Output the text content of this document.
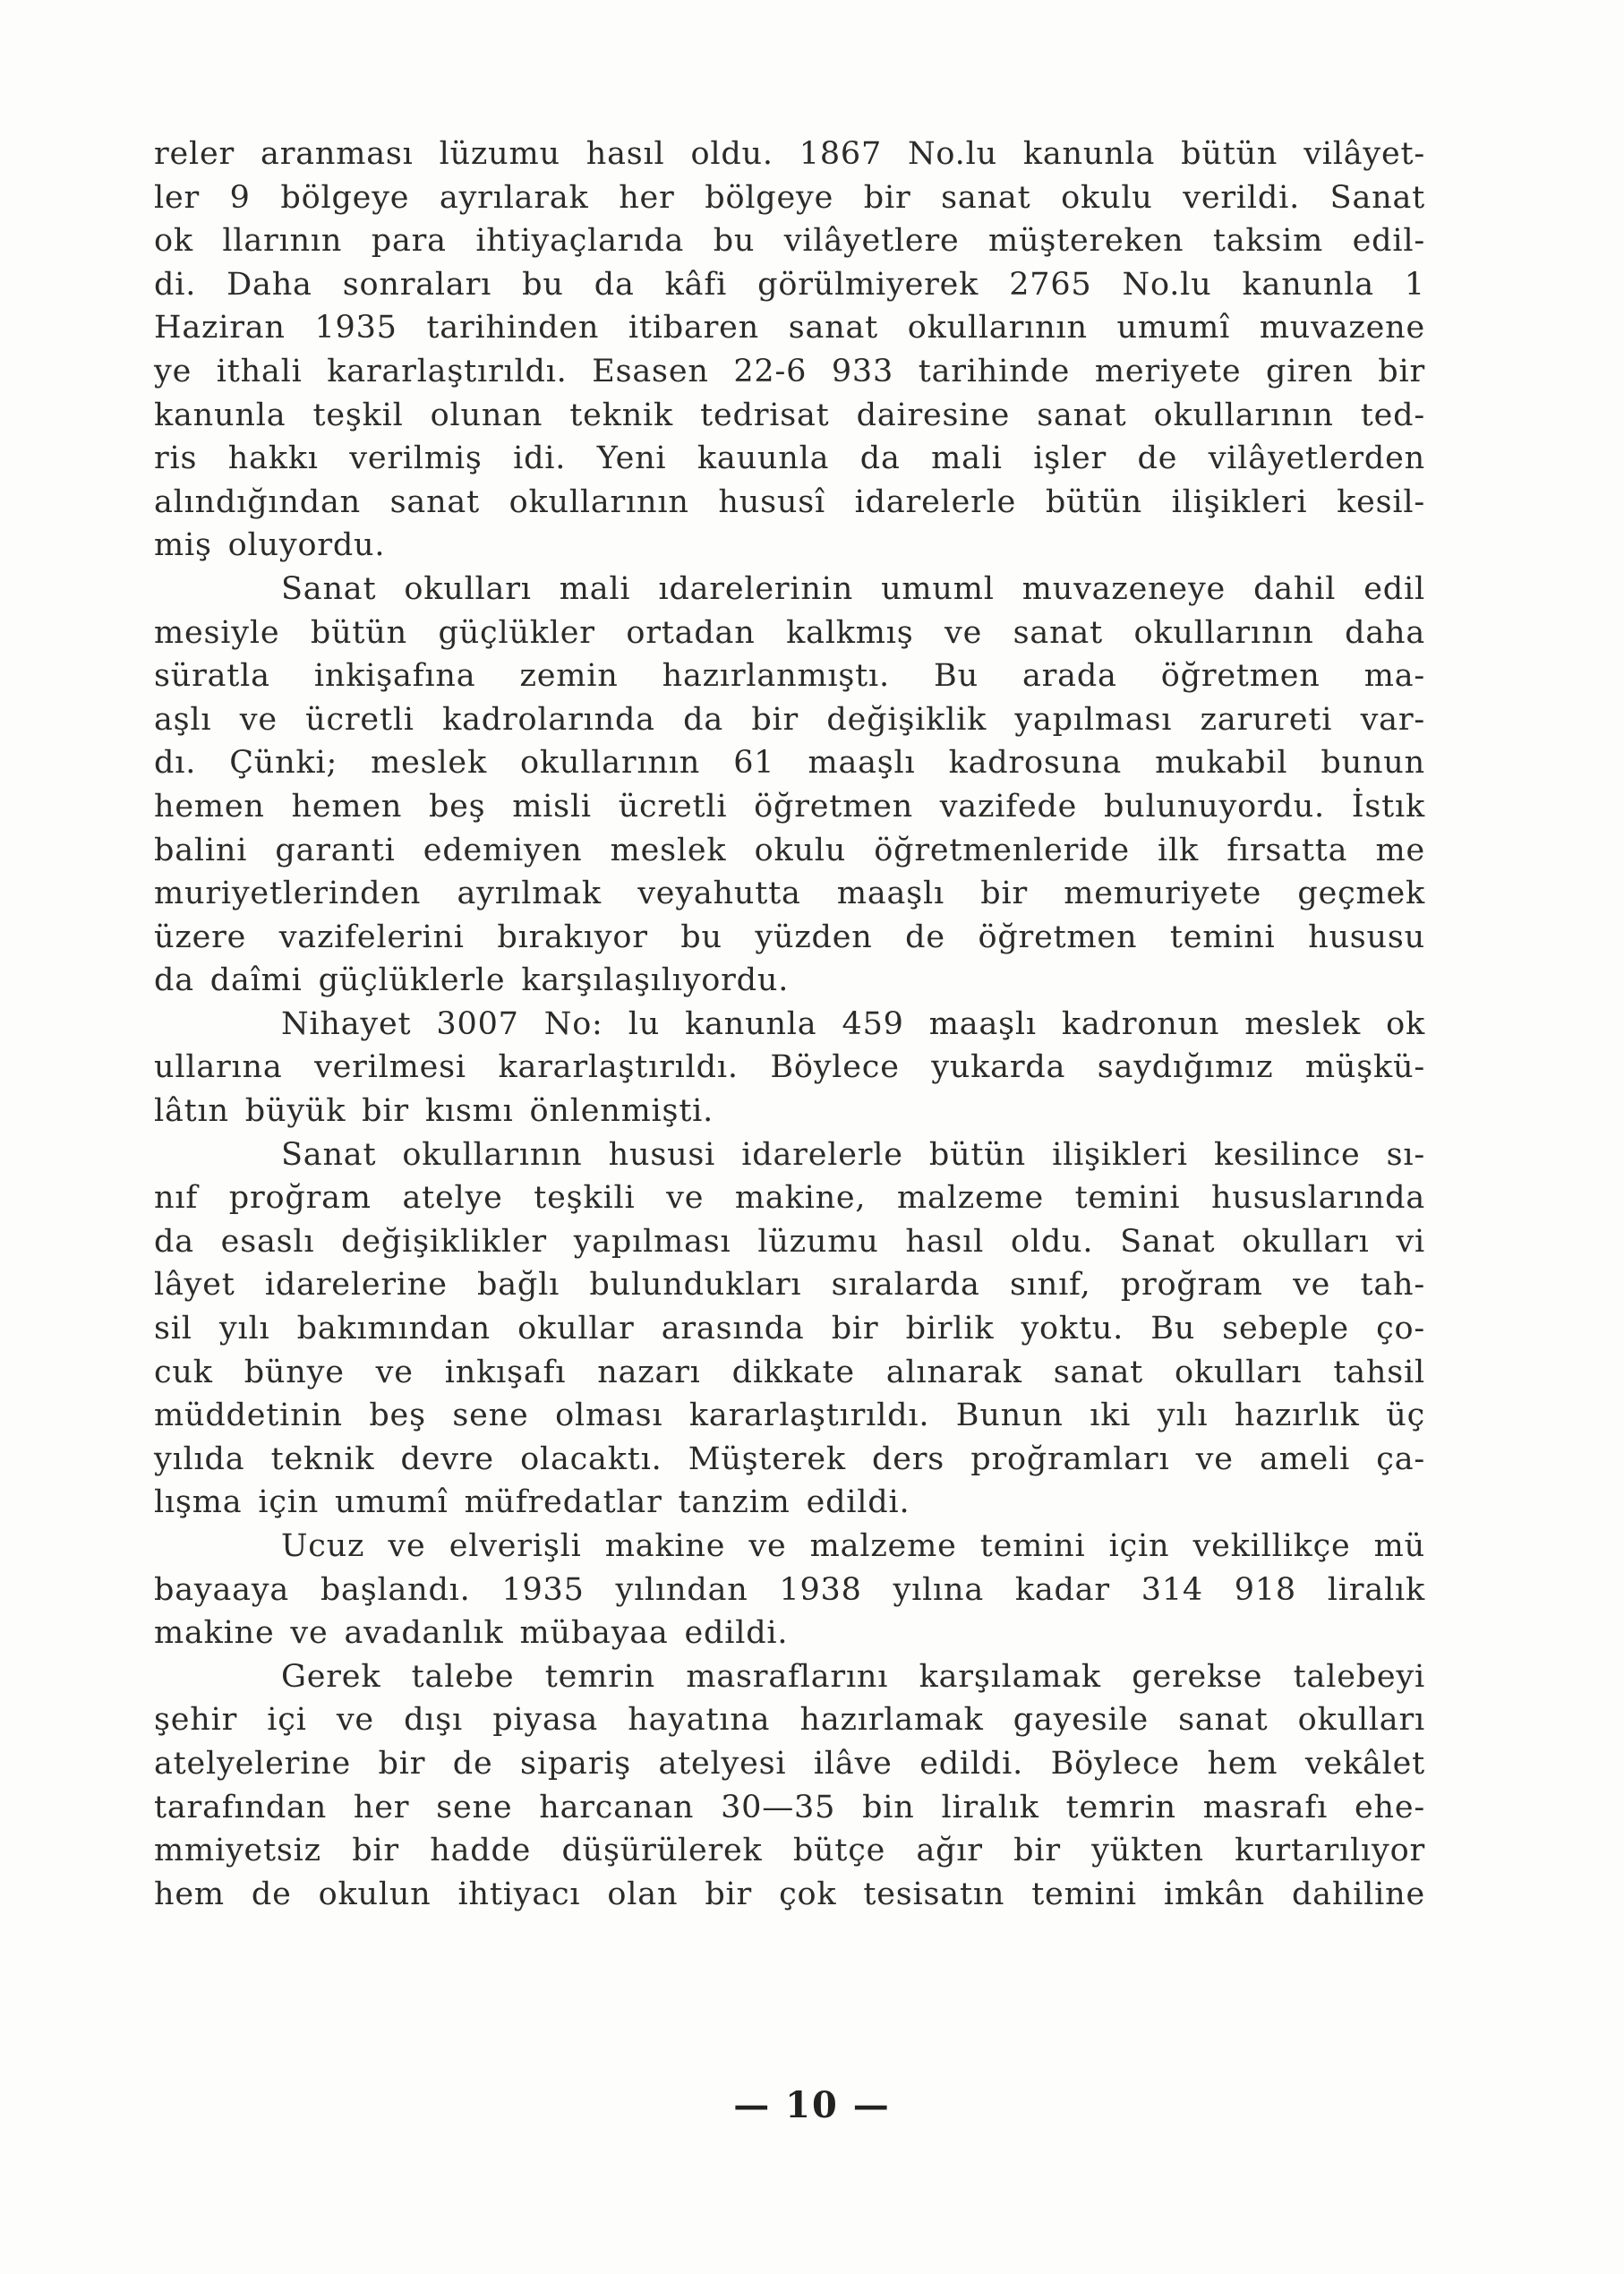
reler aranması lüzumu hasıl oldu. 1867 No.lu kanunla bütün vilâyet-
ler 9 bölgeye ayrılarak her bölgeye bir sanat okulu verildi. Sanat
ok llarının para ihtiyaçlarıda bu vilâyetlere müştereken taksim edil-
di. Daha sonraları bu da kâfi görülmiyerek 2765 No.lu kanunla 1
Haziran 1935 tarihinden itibaren sanat okullarının umumî muvazene
ye ithali kararlaştırıldı. Esasen 22-6 933 tarihinde meriyete giren bir
kanunla teşkil olunan teknik tedrisat dairesine sanat okullarının ted-
ris hakkı verilmiş idi. Yeni kauunla da mali işler de vilâyetlerden
alındığından sanat okullarının hususî idarelerle bütün ilişikleri kesil-
miş oluyordu.
Sanat okulları mali ıdarelerinin umuml muvazeneye dahil edil
mesiyle bütün güçlükler ortadan kalkmış ve sanat okullarının daha
süratla inkişafına zemin hazırlanmıştı. Bu arada öğretmen ma-
aşlı ve ücretli kadrolarında da bir değişiklik yapılması zarureti var-
dı. Çünki; meslek okullarının 61 maaşlı kadrosuna mukabil bunun
hemen hemen beş misli ücretli öğretmen vazifede bulunuyordu. İstık
balini garanti edemiyen meslek okulu öğretmenleride ilk fırsatta me
muriyetlerinden ayrılmak veyahutta maaşlı bir memuriyete geçmek
üzere vazifelerini bırakıyor bu yüzden de öğretmen temini hususu
da daîmi güçlüklerle karşılaşılıyordu.
Nihayet 3007 No: lu kanunla 459 maaşlı kadronun meslek ok
ullarına verilmesi kararlaştırıldı. Böylece yukarda saydığımız müşkü-
lâtın büyük bir kısmı önlenmişti.
Sanat okullarının hususi idarelerle bütün ilişikleri kesilince sı-
nıf proğram atelye teşkili ve makine, malzeme temini hususlarında
da esaslı değişiklikler yapılması lüzumu hasıl oldu. Sanat okulları vi
lâyet idarelerine bağlı bulundukları sıralarda sınıf, proğram ve tah-
sil yılı bakımından okullar arasında bir birlik yoktu. Bu sebeple ço-
cuk bünye ve inkışafı nazarı dikkate alınarak sanat okulları tahsil
müddetinin beş sene olması kararlaştırıldı. Bunun ıki yılı hazırlık üç
yılıda teknik devre olacaktı. Müşterek ders proğramları ve ameli ça-
lışma için umumî müfredatlar tanzim edildi.
Ucuz ve elverişli makine ve malzeme temini için vekillikçe mü
bayaaya başlandı. 1935 yılından 1938 yılına kadar 314 918 liralık
makine ve avadanlık mübayaa edildi.
Gerek talebe temrin masraflarını karşılamak gerekse talebeyi
şehir içi ve dışı piyasa hayatına hazırlamak gayesile sanat okulları
atelyelerine bir de sipariş atelyesi ilâve edildi. Böylece hem vekâlet
tarafından her sene harcanan 30—35 bin liralık temrin masrafı ehe-
mmiyetsiz bir hadde düşürülerek bütçe ağır bir yükten kurtarılıyor
hem de okulun ihtiyacı olan bir çok tesisatın temini imkân dahiline
— 10 —
